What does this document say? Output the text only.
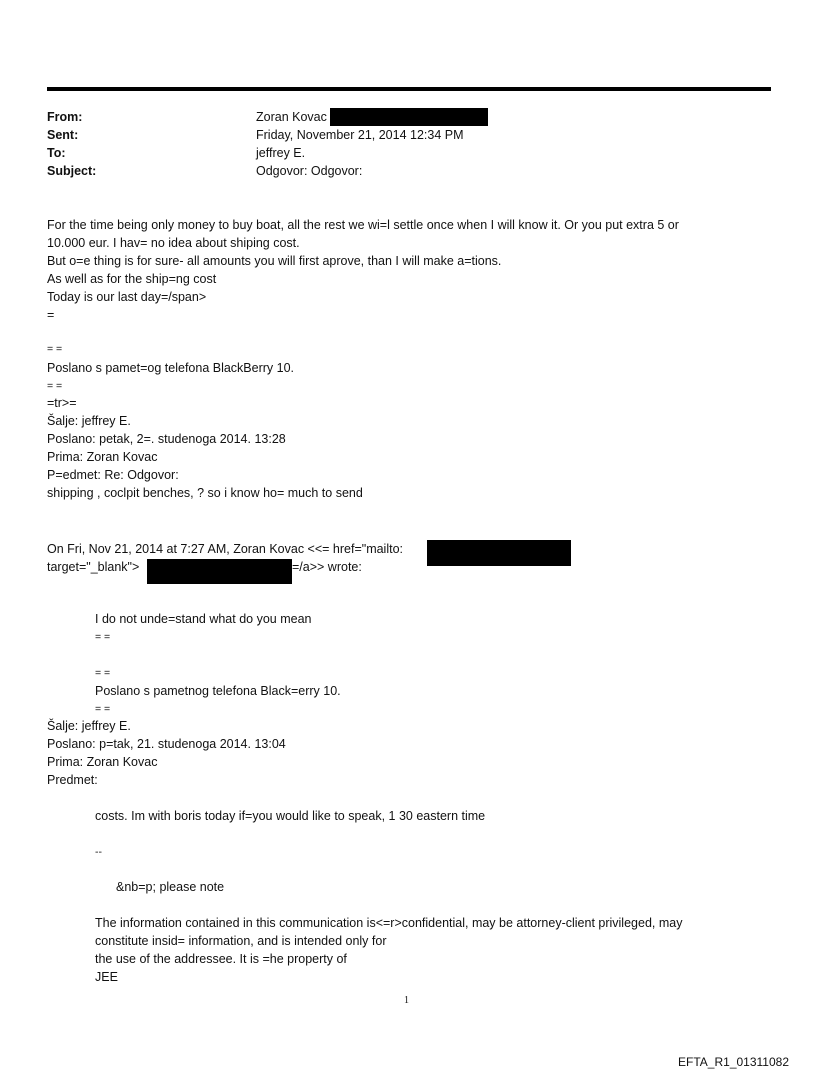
From:	Zoran Kovac
Sent:	Friday, November 21, 2014 12:34 PM
To:	jeffrey E.
Subject:	Odgovor: Odgovor:
For the time being only money to buy boat, all the rest we wi=l settle once when I will know it. Or you put extra 5 or
10.000 eur. I hav= no idea about shiping cost.
But o=e thing is for sure- all amounts you will first aprove, than I will make a=tions.
As well as for the ship=ng cost
Today is our last day=/span>
=
= =
Poslano s pamet=og telefona BlackBerry 10.
= =
=tr>=
Šalje: jeffrey E.
Poslano: petak, 2=. studenoga 2014. 13:28
Prima: Zoran Kovac
P=edmet: Re: Odgovor:
shipping , coclpit benches, ? so i know ho= much to send
On Fri, Nov 21, 2014 at 7:27 AM, Zoran Kovac <<= href="mailto:
target="_blank">	=/a>> wrote:
I do not unde=stand what do you mean
= =
= =
Poslano s pametnog telefona Black=erry 10.
= =
Šalje: jeffrey E.
Poslano: p=tak, 21. studenoga 2014. 13:04
Prima: Zoran Kovac
Predmet:
costs. Im with boris today if=you would like to speak, 1 30 eastern time
--
&nb=p; please note
The information contained in this communication is<=r>confidential, may be attorney-client privileged, may
constitute insid= information, and is intended only for
the use of the addressee. It is =he property of
JEE
1
EFTA_R1_01311082
